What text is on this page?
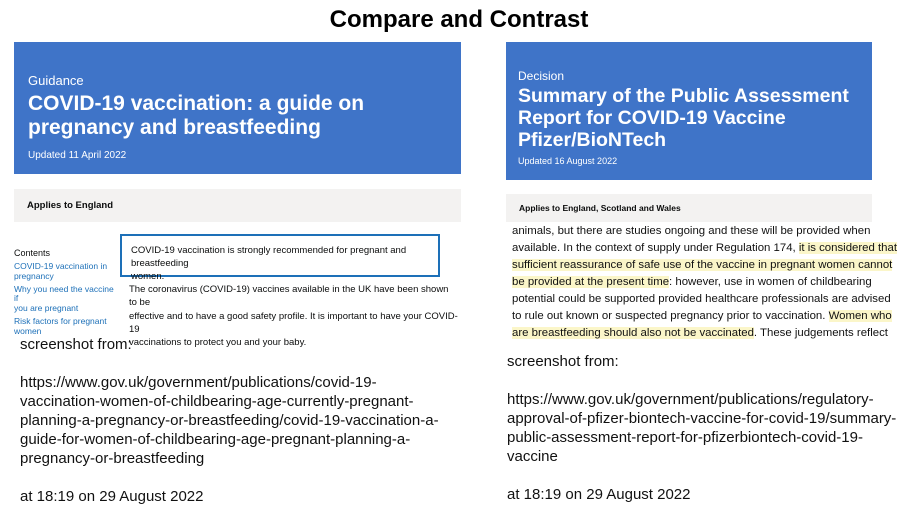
Compare and Contrast
Guidance
COVID-19 vaccination: a guide on
pregnancy and breastfeeding
Updated 11 April 2022
Applies to England
Contents
COVID-19 vaccination in
pregnancy
Why you need the vaccine if
you are pregnant
Risk factors for pregnant
women
COVID-19 vaccination is strongly recommended for pregnant and breastfeeding
women.
The coronavirus (COVID-19) vaccines available in the UK have been shown to be
effective and to have a good safety profile. It is important to have your COVID-19
vaccinations to protect you and your baby.
screenshot from:
https://www.gov.uk/government/publications/covid-19-
vaccination-women-of-childbearing-age-currently-pregnant-
planning-a-pregnancy-or-breastfeeding/covid-19-vaccination-a-
guide-for-women-of-childbearing-age-pregnant-planning-a-
pregnancy-or-breastfeeding
at 18:19 on 29 August 2022
Decision
Summary of the Public Assessment
Report for COVID-19 Vaccine
Pfizer/BioNTech
Updated 16 August 2022
Applies to England, Scotland and Wales
animals, but there are studies ongoing and these will be provided when
available. In the context of supply under Regulation 174, it is considered that
sufficient reassurance of safe use of the vaccine in pregnant women cannot
be provided at the present time: however, use in women of childbearing
potential could be supported provided healthcare professionals are advised
to rule out known or suspected pregnancy prior to vaccination. Women who
are breastfeeding should also not be vaccinated. These judgements reflect
screenshot from:
https://www.gov.uk/government/publications/regulatory-
approval-of-pfizer-biontech-vaccine-for-covid-19/summary-
public-assessment-report-for-pfizerbiontech-covid-19-vaccine
at 18:19 on 29 August 2022
